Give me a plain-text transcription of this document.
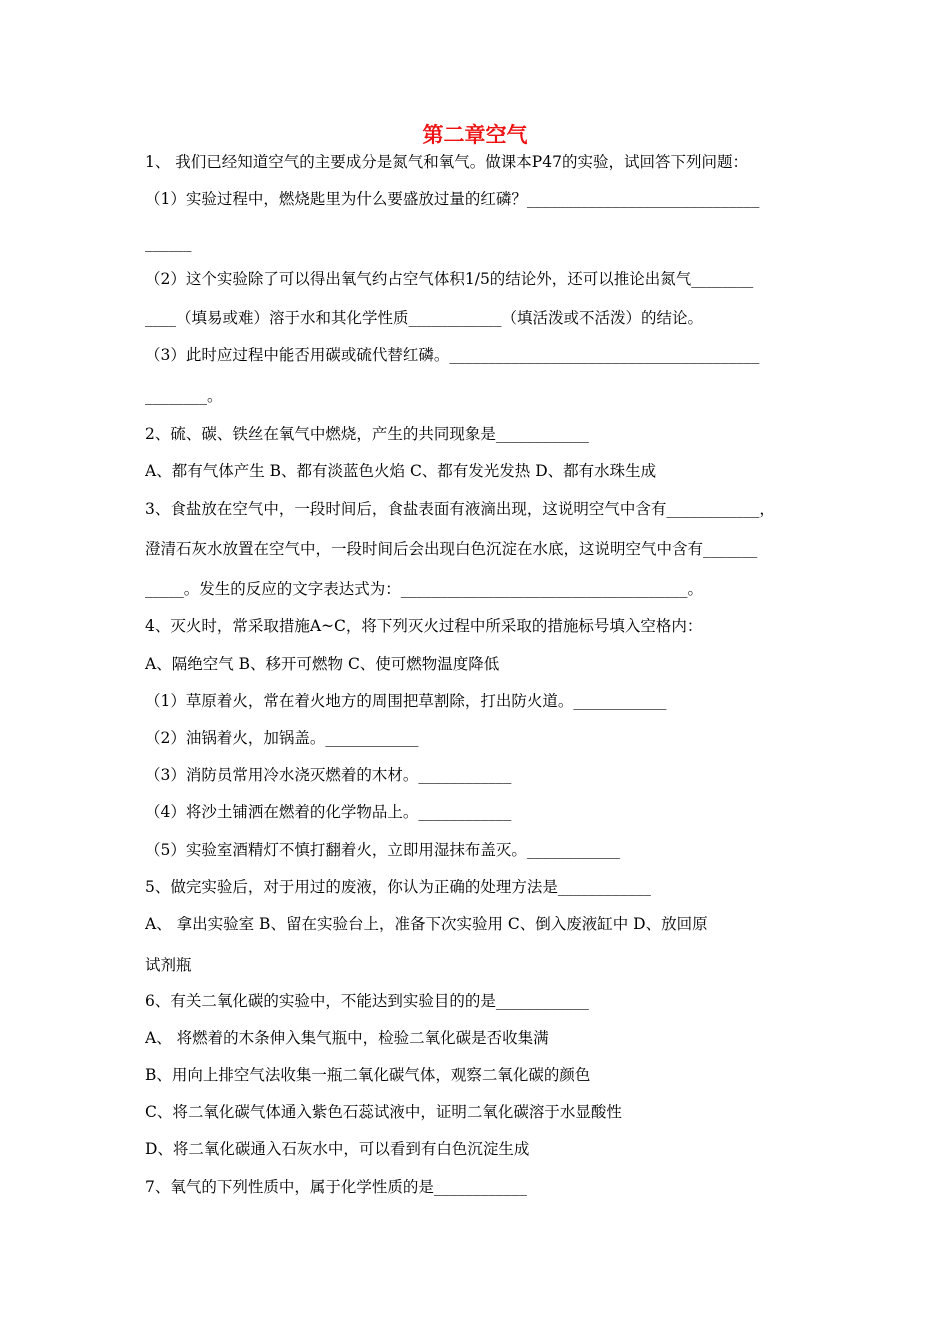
第二章空气
1、 我们已经知道空气的主要成分是氮气和氧气。做课本P47的实验，试回答下列问题：
（1）实验过程中，燃烧匙里为什么要盛放过量的红磷？______________________________
______
（2）这个实验除了可以得出氧气约占空气体积1/5的结论外，还可以推论出氮气________
____（填易或难）溶于水和其化学性质____________（填活泼或不活泼）的结论。
（3）此时应过程中能否用碳或硫代替红磷。________________________________________
________。
2、硫、碳、铁丝在氧气中燃烧，产生的共同现象是____________
A、都有气体产生 B、都有淡蓝色火焰 C、都有发光发热 D、都有水珠生成
3、食盐放在空气中，一段时间后，食盐表面有液滴出现，这说明空气中含有____________，
澄清石灰水放置在空气中，一段时间后会出现白色沉淀在水底，这说明空气中含有_______
_____。发生的反应的文字表达式为：_____________________________________。
4、灭火时，常采取措施A~C，将下列灭火过程中所采取的措施标号填入空格内：
A、隔绝空气 B、移开可燃物 C、使可燃物温度降低
（1）草原着火，常在着火地方的周围把草割除，打出防火道。____________
（2）油锅着火，加锅盖。____________
（3）消防员常用冷水浇灭燃着的木材。____________
（4）将沙土铺洒在燃着的化学物品上。____________
（5）实验室酒精灯不慎打翻着火，立即用湿抹布盖灭。____________
5、做完实验后，对于用过的废液，你认为正确的处理方法是____________
A、 拿出实验室 B、留在实验台上，准备下次实验用 C、倒入废液缸中 D、放回原
试剂瓶
6、有关二氧化碳的实验中，不能达到实验目的的是____________
A、 将燃着的木条伸入集气瓶中，检验二氧化碳是否收集满
B、用向上排空气法收集一瓶二氧化碳气体，观察二氧化碳的颜色
C、将二氧化碳气体通入紫色石蕊试液中，证明二氧化碳溶于水显酸性
D、将二氧化碳通入石灰水中，可以看到有白色沉淀生成
7、氧气的下列性质中，属于化学性质的是____________
